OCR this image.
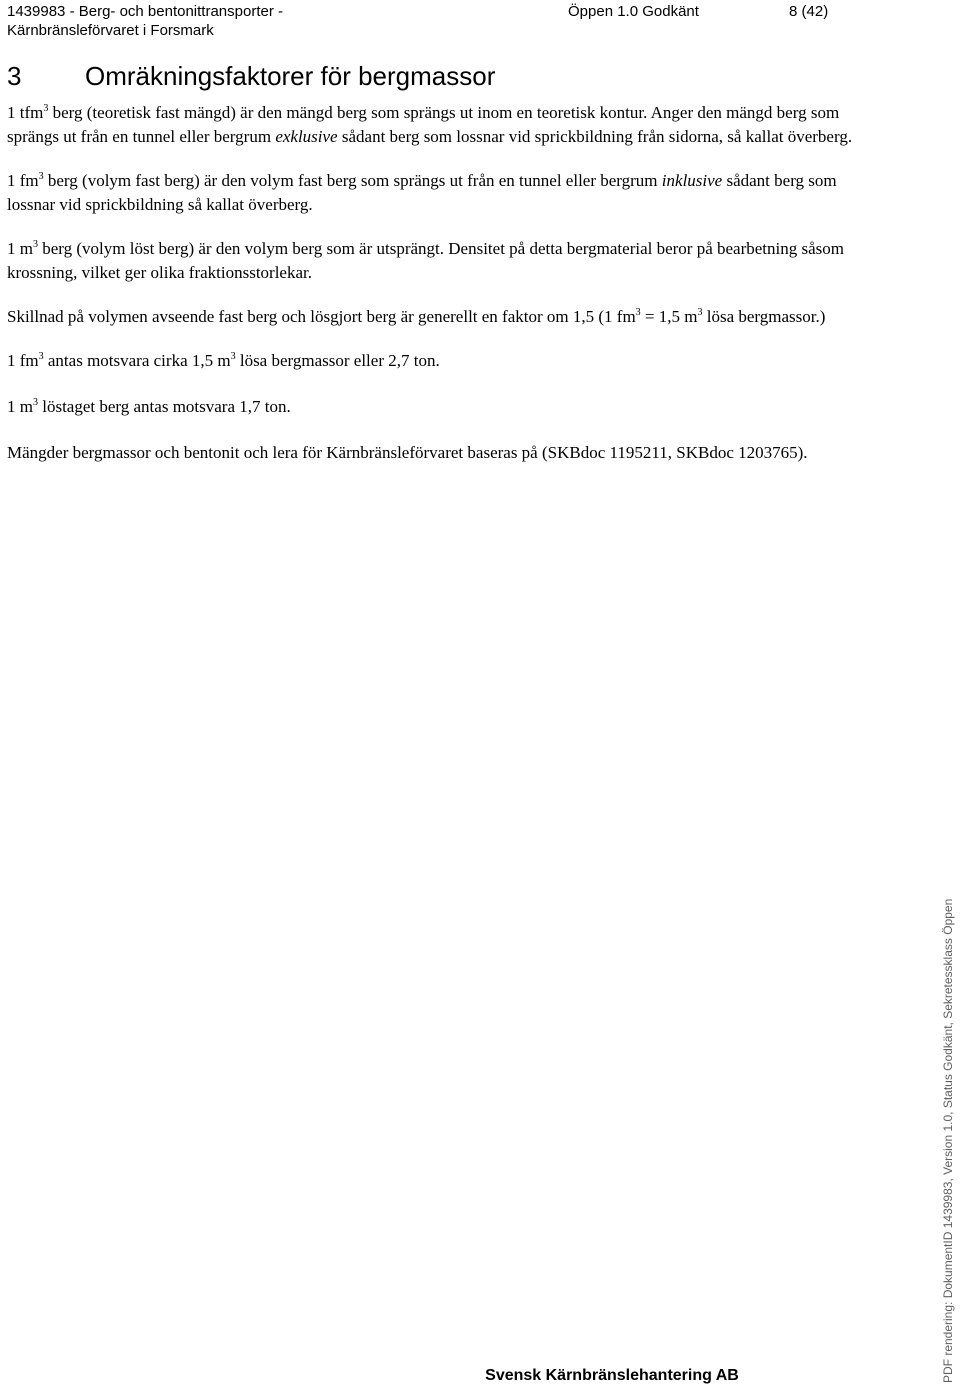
1439983 - Berg- och bentonittransporter -	Öppen 1.0 Godkänt	8 (42)
Kärnbränsleförvaret i Forsmark
3 Omräkningsfaktorer för bergmassor

1 tfm$^3$ berg (teoretisk fast mängd) är den mängd berg som sprängs ut inom en teoretisk kontur. Anger den mängd berg som sprängs ut från en tunnel eller bergrum exklusive sådant berg som lossnar vid sprickbildning från sidorna, så kallat överberg.

1 $fm^3$ berg (volym fast berg) är den volym fast berg som sprängs ut från en tunnel eller bergrum inklusive sådant berg som lossnar vid sprickbildning så kallat överberg.

1 $m^3$ berg (volym löst berg) är den volym berg som är utsprängt. Densitet på detta bergmaterial beror på bearbetning såsom krossning, vilket ger olika fraktionsstorlekar.

Skillnad på volymen avseende fast berg och lösgjort berg är generellt en faktor om 1,5 (1 $fm^3 = 1,5$ $m^3$ lösa bergmassor.)

1 $fm^3$ antas motsvara cirka 1,5 $m^3$ lösa bergmassor eller 2,7 ton.

1 $m^3$ löstaget berg antas motsvara 1,7 ton.

Mängder bergmassor och bentonit och lera för Kärnbränsleförvaret baseras på (SKBdoc 1195211, SKBdoc 1203765).

Svensk Kärnbränslehantering AB	PDF rendering: DokumentID 1439983, Version 1.0, Status Godkänt, Sekretessklass Öppen
